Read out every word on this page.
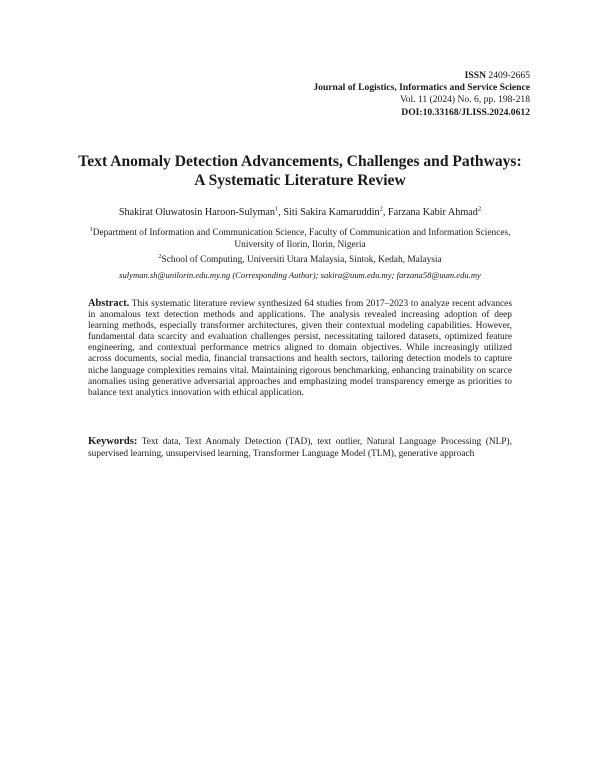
ISSN 2409-2665
Journal of Logistics, Informatics and Service Science
Vol. 11 (2024) No. 6, pp. 198-218
DOI:10.33168/JLISS.2024.0612
Text Anomaly Detection Advancements, Challenges and Pathways:
A Systematic Literature Review
Shakirat Oluwatosin Haroon-Sulyman$^1$, Siti Sakira Kamaruddin$^2$, Farzana Kabir Ahmad$^2$
$^1$Department of Information and Communication Science, Faculty of Communication and Information Sciences, University of Ilorin, Ilorin, Nigeria
$^2$School of Computing, Universiti Utara Malaysia, Sintok, Kedah, Malaysia
sulyman.sh@unilorin.edu.my.ng (Corresponding Author); sakira@uum.edu.my; farzana58@uum.edu.my
Abstract. This systematic literature review synthesized 64 studies from 2017–2023 to analyze recent advances in anomalous text detection methods and applications. The analysis revealed increasing adoption of deep learning methods, especially transformer architectures, given their contextual modeling capabilities. However, fundamental data scarcity and evaluation challenges persist, necessitating tailored datasets, optimized feature engineering, and contextual performance metrics aligned to domain objectives. While increasingly utilized across documents, social media, financial transactions and health sectors, tailoring detection models to capture niche language complexities remains vital. Maintaining rigorous benchmarking, enhancing trainability on scarce anomalies using generative adversarial approaches and emphasizing model transparency emerge as priorities to balance text analytics innovation with ethical application.
Keywords: Text data, Text Anomaly Detection (TAD), text outlier, Natural Language Processing (NLP), supervised learning, unsupervised learning, Transformer Language Model (TLM), generative approach
